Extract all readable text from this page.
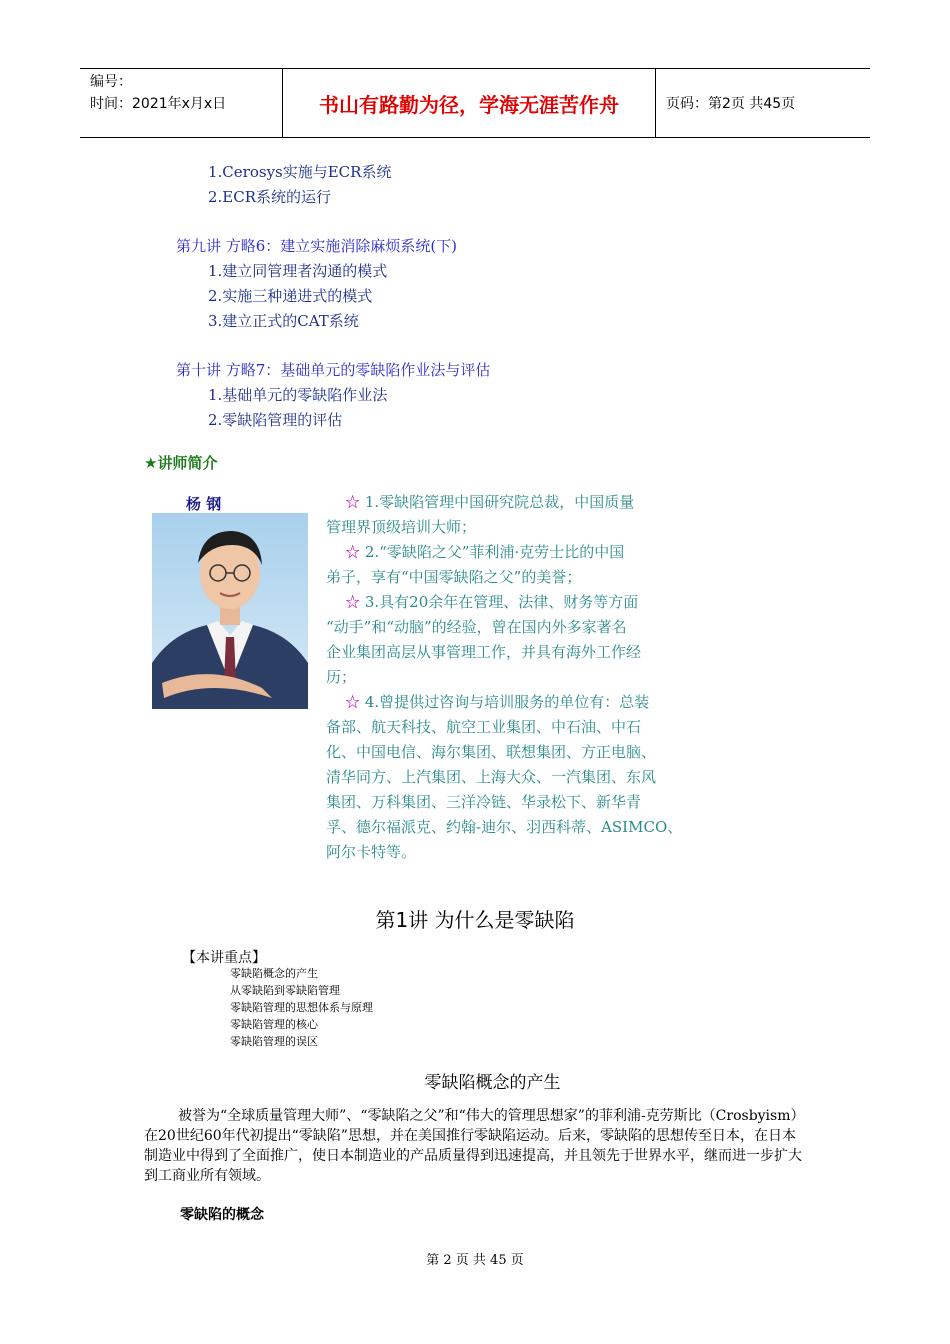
编号：
时间：2021年x月x日	书山有路勤为径，学海无涯苦作舟	页码：第2页 共45页
1.Cerosys实施与ECR系统
2.ECR系统的运行
第九讲 方略6：建立实施消除麻烦系统(下)
1.建立同管理者沟通的模式
2.实施三种递进式的模式
3.建立正式的CAT系统
第十讲 方略7：基础单元的零缺陷作业法与评估
1.基础单元的零缺陷作业法
2.零缺陷管理的评估
★讲师简介
杨 钢	☆ 1.零缺陷管理中国研究院总裁，中国质量
管理界顶级培训大师；
☆ 2.“零缺陷之父”菲利浦·克劳士比的中国
弟子，享有“中国零缺陷之父”的美誉；
☆ 3.具有20余年在管理、法律、财务等方面
“动手”和“动脑”的经验，曾在国内外多家著名
企业集团高层从事管理工作，并具有海外工作经
历；
☆ 4.曾提供过咨询与培训服务的单位有：总装
备部、航天科技、航空工业集团、中石油、中石
化、中国电信、海尔集团、联想集团、方正电脑、
清华同方、上汽集团、上海大众、一汽集团、东风
集团、万科集团、三洋冷链、华录松下、新华青
孚、德尔福派克、约翰-迪尔、羽西科蒂、ASIMCO、
阿尔卡特等。
第1讲 为什么是零缺陷
【本讲重点】
零缺陷概念的产生
从零缺陷到零缺陷管理
零缺陷管理的思想体系与原理
零缺陷管理的核心
零缺陷管理的误区
零缺陷概念的产生
被誉为“全球质量管理大师”、“零缺陷之父”和“伟大的管理思想家”的菲利浦-克劳斯比（Crosbyism）在20世纪60年代初提出“零缺陷”思想，并在美国推行零缺陷运动。后来，零缺陷的思想传至日本，在日本制造业中得到了全面推广，使日本制造业的产品质量得到迅速提高，并且领先于世界水平，继而进一步扩大到工商业所有领域。
零缺陷的概念
第 2 页 共 45 页
